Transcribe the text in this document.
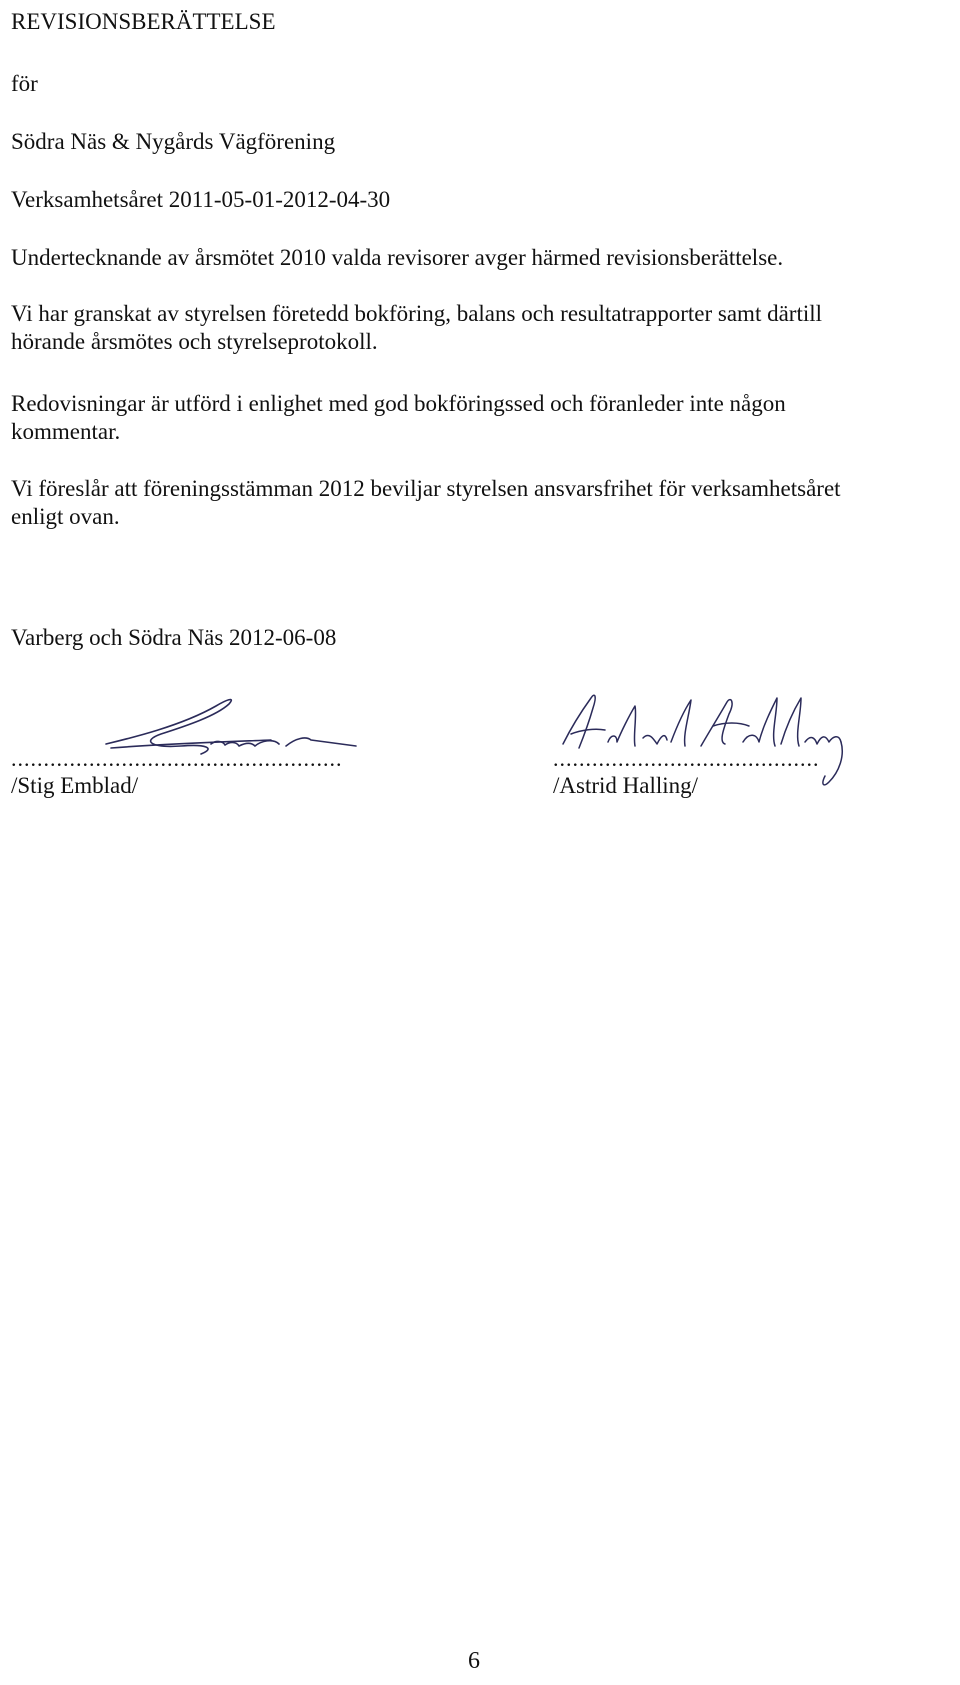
REVISIONSBERÄTTELSE
för
Södra Näs & Nygårds Vägförening
Verksamhetsåret 2011-05-01-2012-04-30
Undertecknande av årsmötet 2010 valda revisorer avger härmed revisionsberättelse.
Vi har granskat av styrelsen företedd bokföring, balans och resultatrapporter samt därtill
hörande årsmötes och styrelseprotokoll.
Redovisningar är utförd i enlighet med god bokföringssed och föranleder inte någon
kommentar.
Vi föreslår att föreningsstämman 2012 beviljar styrelsen ansvarsfrihet för verksamhetsåret
enligt ovan.
Varberg och Södra Näs 2012-06-08
...................................................
/Stig Emblad/
.........................................
/Astrid Halling/
6
